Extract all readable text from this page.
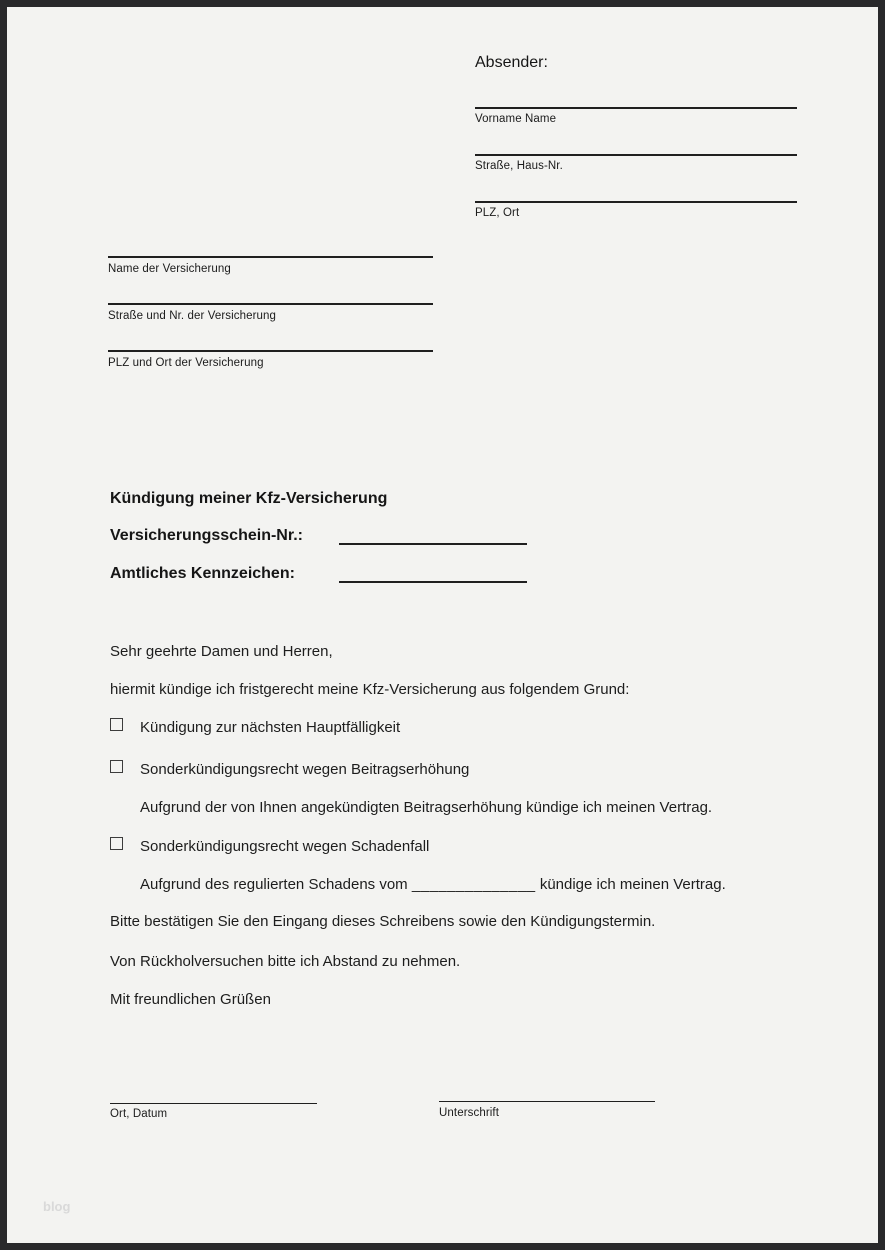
Absender:
Vorname Name
Straße, Haus-Nr.
PLZ, Ort
Name der Versicherung
Straße und Nr. der Versicherung
PLZ und Ort der Versicherung
Kündigung meiner Kfz-Versicherung
Versicherungsschein-Nr.:
Amtliches Kennzeichen:
Sehr geehrte Damen und Herren,
hiermit kündige ich fristgerecht meine Kfz-Versicherung aus folgendem Grund:
Kündigung zur nächsten Hauptfälligkeit
Sonderkündigungsrecht wegen Beitragserhöhung
Aufgrund der von Ihnen angekündigten Beitragserhöhung kündige ich meinen Vertrag.
Sonderkündigungsrecht wegen Schadenfall
Aufgrund des regulierten Schadens vom ______________ kündige ich meinen Vertrag.
Bitte bestätigen Sie den Eingang dieses Schreibens sowie den Kündigungstermin.
Von Rückholversuchen bitte ich Abstand zu nehmen.
Mit freundlichen Grüßen
Ort, Datum	Unterschrift
blog
